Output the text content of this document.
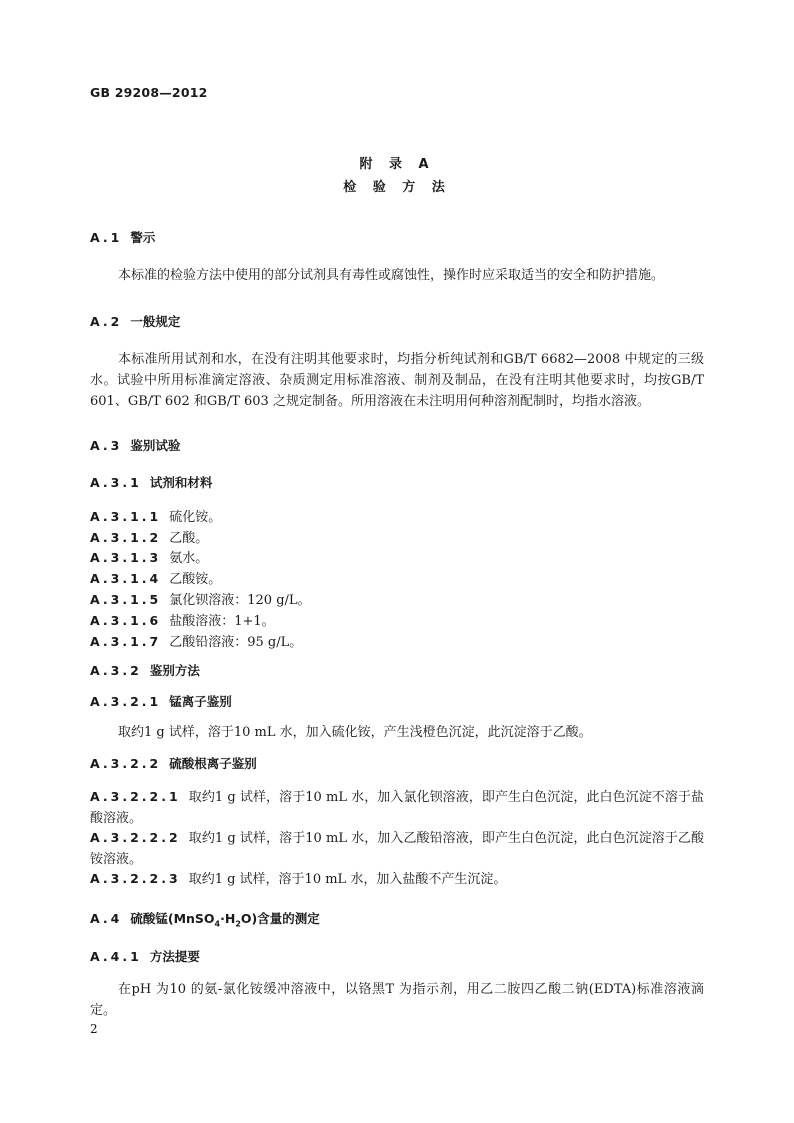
GB 29208—2012
附 录 A
检 验 方 法
A.1 警示
本标准的检验方法中使用的部分试剂具有毒性或腐蚀性，操作时应采取适当的安全和防护措施。
A.2 一般规定
本标准所用试剂和水，在没有注明其他要求时，均指分析纯试剂和GB/T 6682—2008 中规定的三级水。试验中所用标准滴定溶液、杂质测定用标准溶液、制剂及制品，在没有注明其他要求时，均按GB/T 601、GB/T 602 和GB/T 603 之规定制备。所用溶液在未注明用何种溶剂配制时，均指水溶液。
A.3 鉴别试验
A.3.1 试剂和材料
A.3.1.1 硫化铵。
A.3.1.2 乙酸。
A.3.1.3 氨水。
A.3.1.4 乙酸铵。
A.3.1.5 氯化钡溶液：120 g/L。
A.3.1.6 盐酸溶液：1+1。
A.3.1.7 乙酸铅溶液：95 g/L。
A.3.2 鉴别方法
A.3.2.1 锰离子鉴别
取约1 g 试样，溶于10 mL 水，加入硫化铵，产生浅橙色沉淀，此沉淀溶于乙酸。
A.3.2.2 硫酸根离子鉴别
A.3.2.2.1 取约1 g 试样，溶于10 mL 水，加入氯化钡溶液，即产生白色沉淀，此白色沉淀不溶于盐酸溶液。
A.3.2.2.2 取约1 g 试样，溶于10 mL 水，加入乙酸铅溶液，即产生白色沉淀，此白色沉淀溶于乙酸铵溶液。
A.3.2.2.3 取约1 g 试样，溶于10 mL 水，加入盐酸不产生沉淀。
A.4 硫酸锰$(MnSO_4\cdot H_2O)$含量的测定
A.4.1 方法提要
在pH 为10 的氨-氯化铵缓冲溶液中，以铬黑T 为指示剂，用乙二胺四乙酸二钠(EDTA)标准溶液滴定。
2
